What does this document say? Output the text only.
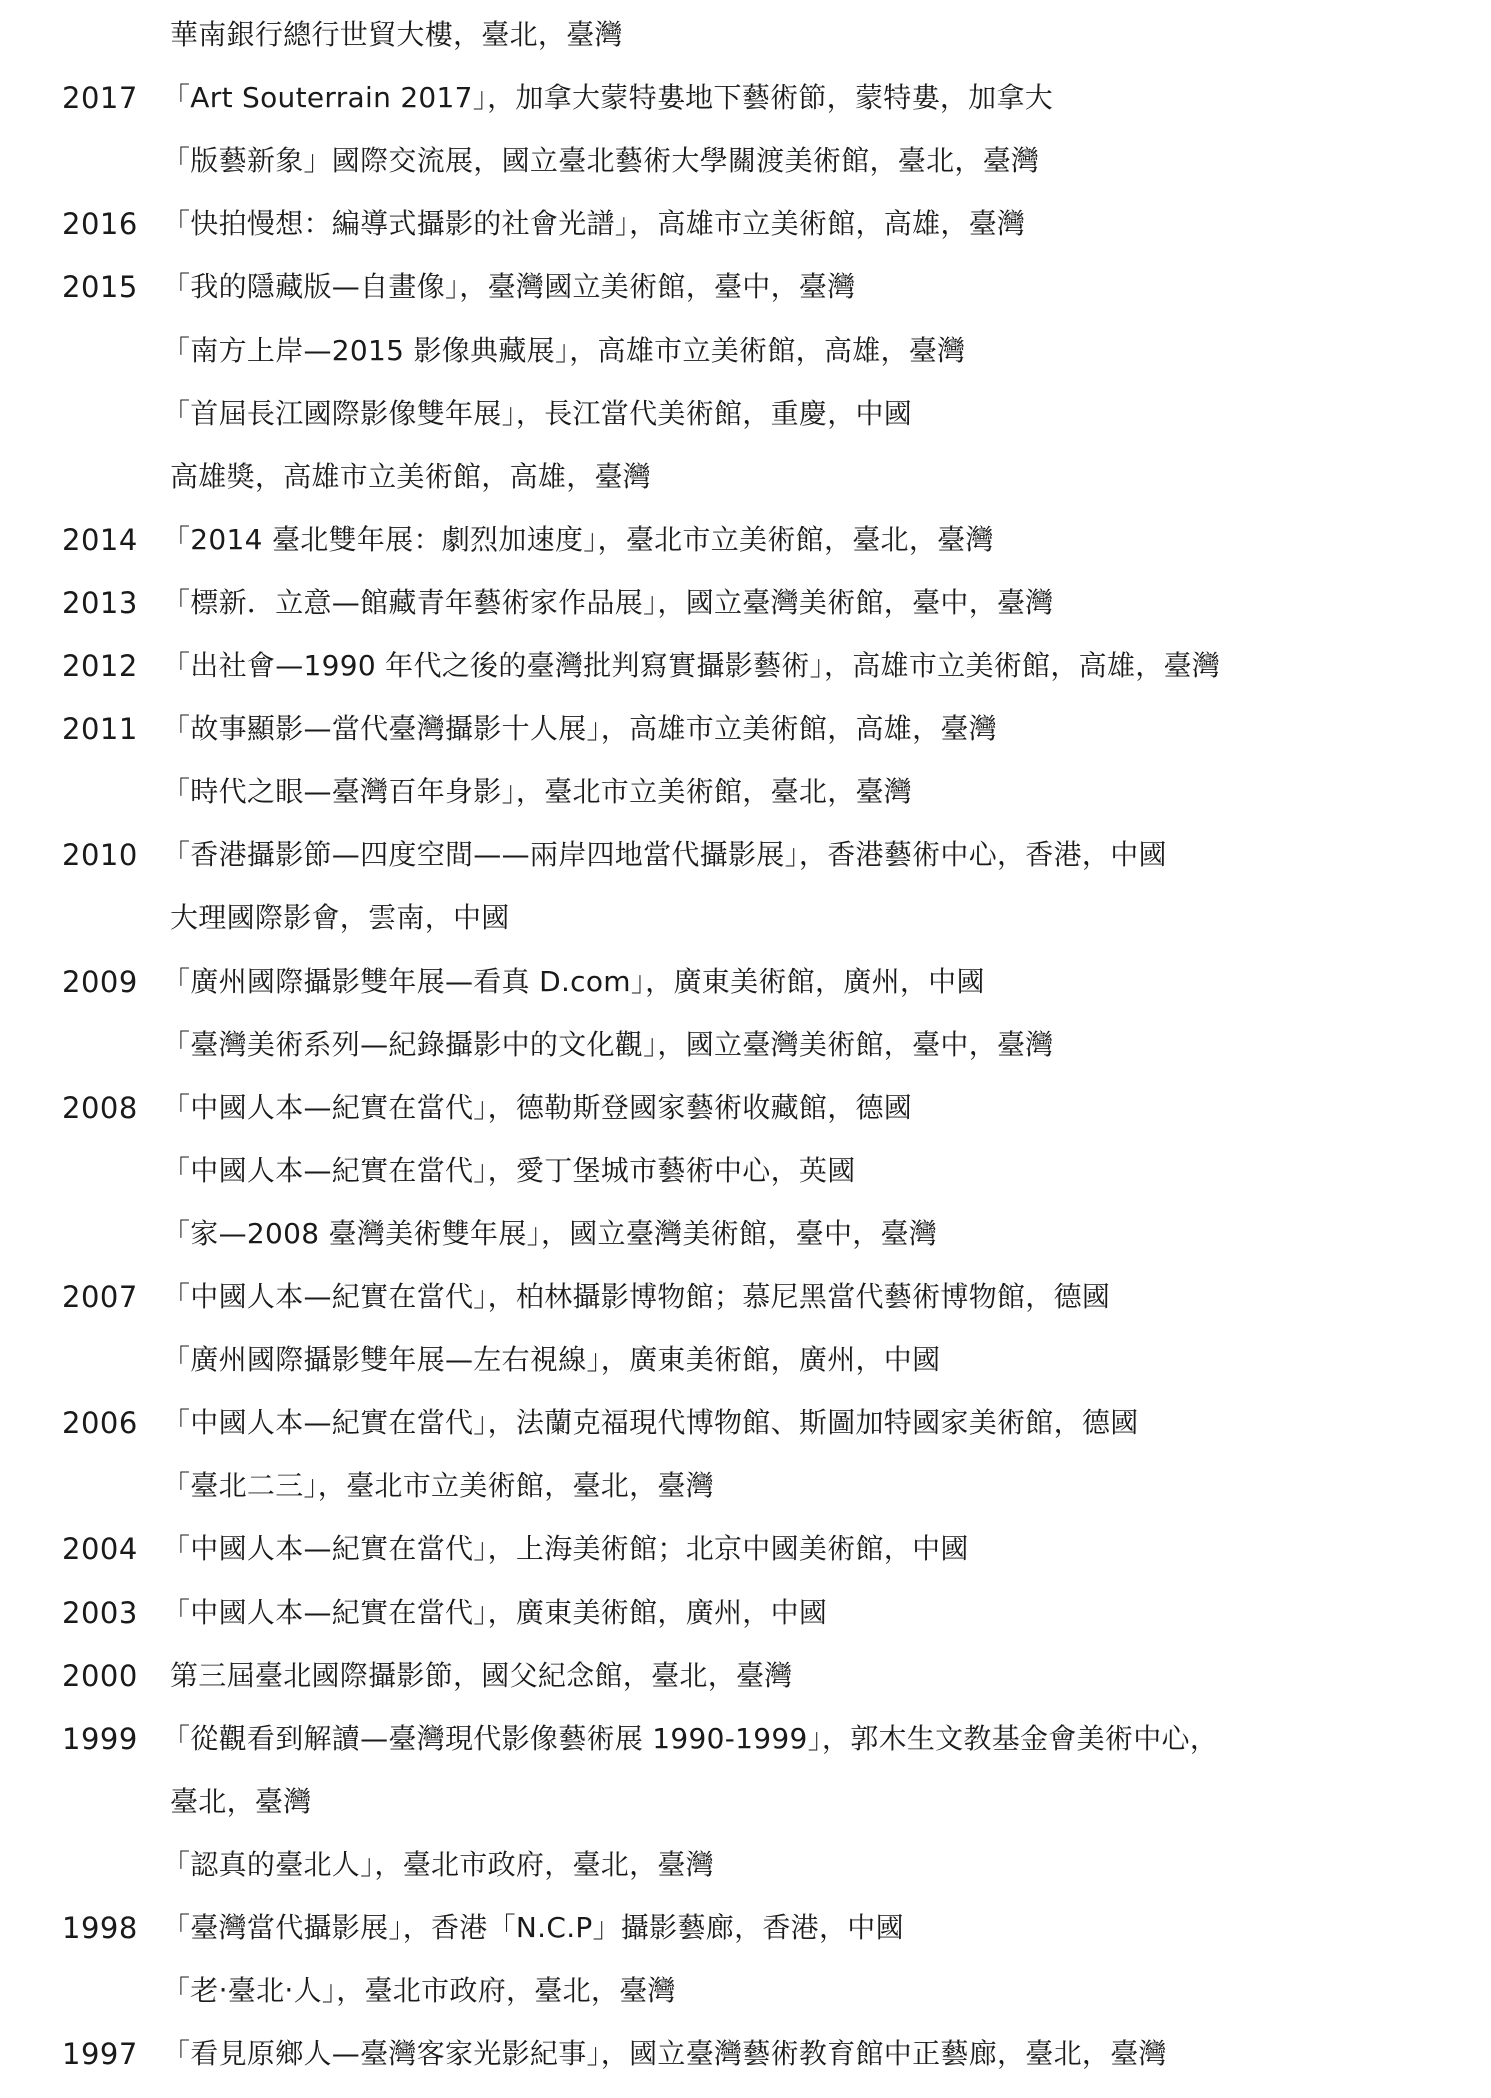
華南銀行總行世貿大樓，臺北，臺灣
2017 「Art Souterrain 2017」，加拿大蒙特婁地下藝術節，蒙特婁，加拿大
「版藝新象」國際交流展，國立臺北藝術大學關渡美術館，臺北，臺灣
2016 「快拍慢想：編導式攝影的社會光譜」，高雄市立美術館，高雄，臺灣
2015 「我的隱藏版—自畫像」，臺灣國立美術館，臺中，臺灣
「南方上岸—2015 影像典藏展」，高雄市立美術館，高雄，臺灣
「首屆長江國際影像雙年展」，長江當代美術館，重慶，中國
高雄獎，高雄市立美術館，高雄，臺灣
2014 「2014 臺北雙年展：劇烈加速度」，臺北市立美術館，臺北，臺灣
2013 「標新．立意—館藏青年藝術家作品展」，國立臺灣美術館，臺中，臺灣
2012 「出社會—1990 年代之後的臺灣批判寫實攝影藝術」，高雄市立美術館，高雄，臺灣
2011 「故事顯影—當代臺灣攝影十人展」，高雄市立美術館，高雄，臺灣
「時代之眼—臺灣百年身影」，臺北市立美術館，臺北，臺灣
2010 「香港攝影節—四度空間——兩岸四地當代攝影展」，香港藝術中心，香港，中國
大理國際影會，雲南，中國
2009 「廣州國際攝影雙年展—看真 D.com」，廣東美術館，廣州，中國
「臺灣美術系列—紀錄攝影中的文化觀」，國立臺灣美術館，臺中，臺灣
2008 「中國人本—紀實在當代」，德勒斯登國家藝術收藏館，德國
「中國人本—紀實在當代」，愛丁堡城市藝術中心，英國
「家—2008 臺灣美術雙年展」，國立臺灣美術館，臺中，臺灣
2007 「中國人本—紀實在當代」，柏林攝影博物館；慕尼黑當代藝術博物館，德國
「廣州國際攝影雙年展—左右視線」，廣東美術館，廣州，中國
2006 「中國人本—紀實在當代」，法蘭克福現代博物館、斯圖加特國家美術館，德國
「臺北二三」，臺北市立美術館，臺北，臺灣
2004 「中國人本—紀實在當代」，上海美術館；北京中國美術館，中國
2003 「中國人本—紀實在當代」，廣東美術館，廣州，中國
2000 第三屆臺北國際攝影節，國父紀念館，臺北，臺灣
1999 「從觀看到解讀—臺灣現代影像藝術展 1990-1999」，郭木生文教基金會美術中心，
臺北，臺灣
「認真的臺北人」，臺北市政府，臺北，臺灣
1998 「臺灣當代攝影展」，香港「N.C.P」攝影藝廊，香港，中國
「老‧臺北‧人」，臺北市政府，臺北，臺灣
1997 「看見原鄉人—臺灣客家光影紀事」，國立臺灣藝術教育館中正藝廊，臺北，臺灣
